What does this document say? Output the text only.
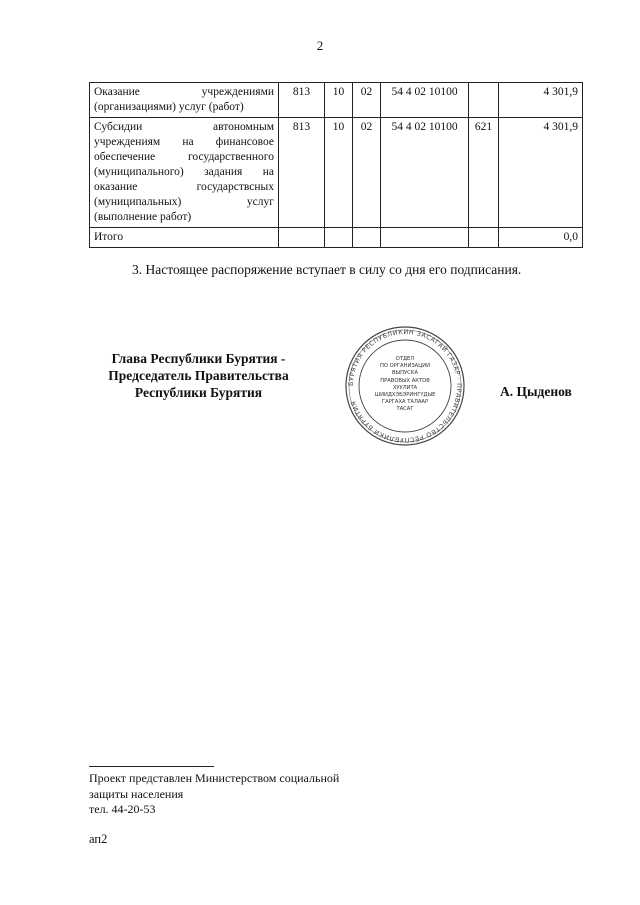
2
Оказание учреждениями (организациями) услуг (работ)	813	10	02	54 4 02 10100		4 301,9
Субсидии автономным учреждениям на финансовое обеспечение государственного (муниципального) задания на оказание государствсных (муниципальных) услуг (выполнение работ)	813	10	02	54 4 02 10100	621	4 301,9
Итого						0,0
3. Настоящее распоряжение вступает в силу со дня его подписания.
Глава Республики Бурятия -
Председатель Правительства
Республики Бурятия
БУРЯТИЯ РЕСПУБЛИКИН ЗАСАГАЙ ГАЗАР · ПРАВИТЕЛЬСТВО РЕСПУБЛИКИ БУРЯТИЯ
ОТДЕЛ
ПО ОРГАНИЗАЦИИ
ВЫПУСКА
ПРАВОВЫХ АКТОВ
ХУУЛИТА
ШИИДХЭБЭРИНГҮДЫЕ
ГАРГАХА ТАЛААР
ТАСАГ
А. Цыденов
Проект представлен Министерством социальной
защиты населения
тел. 44-20-53
ап2
